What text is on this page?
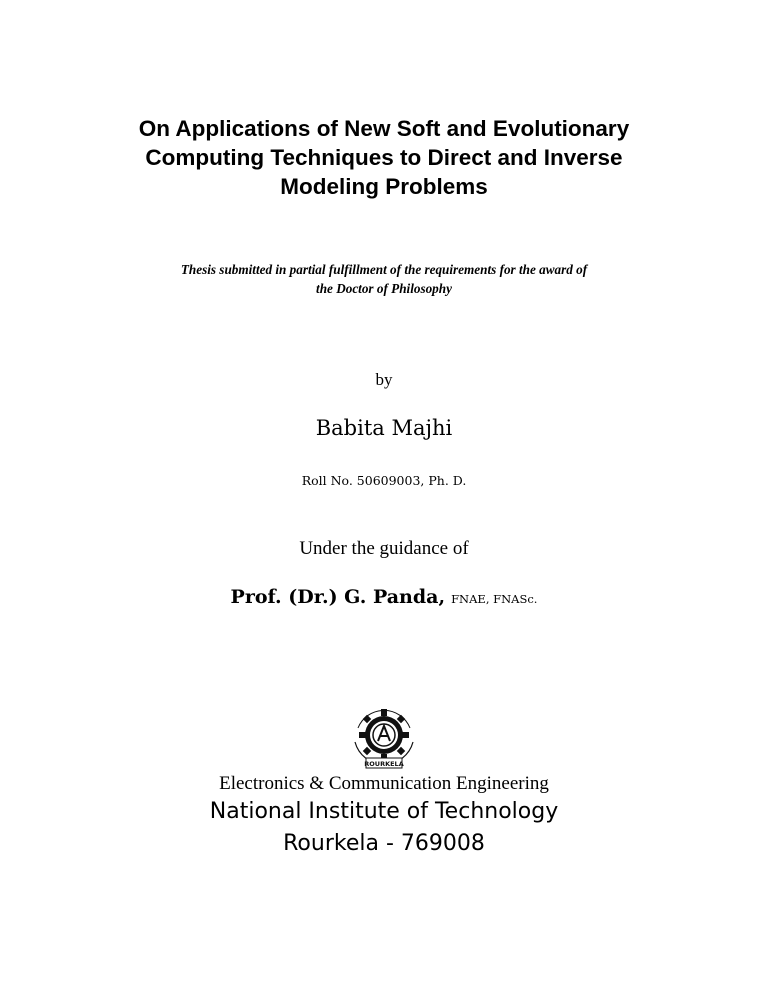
On Applications of New Soft and Evolutionary
Computing Techniques to Direct and Inverse
Modeling Problems

Thesis submitted in partial fulfillment of the requirements for the award of
the Doctor of Philosophy

by

Babita Majhi

Roll No. 50609003, Ph. D.

Under the guidance of

Prof. (Dr.) G. Panda, FNAE, FNASc.

ROURKELA

Electronics & Communication Engineering

National Institute of Technology
Rourkela - 769008
